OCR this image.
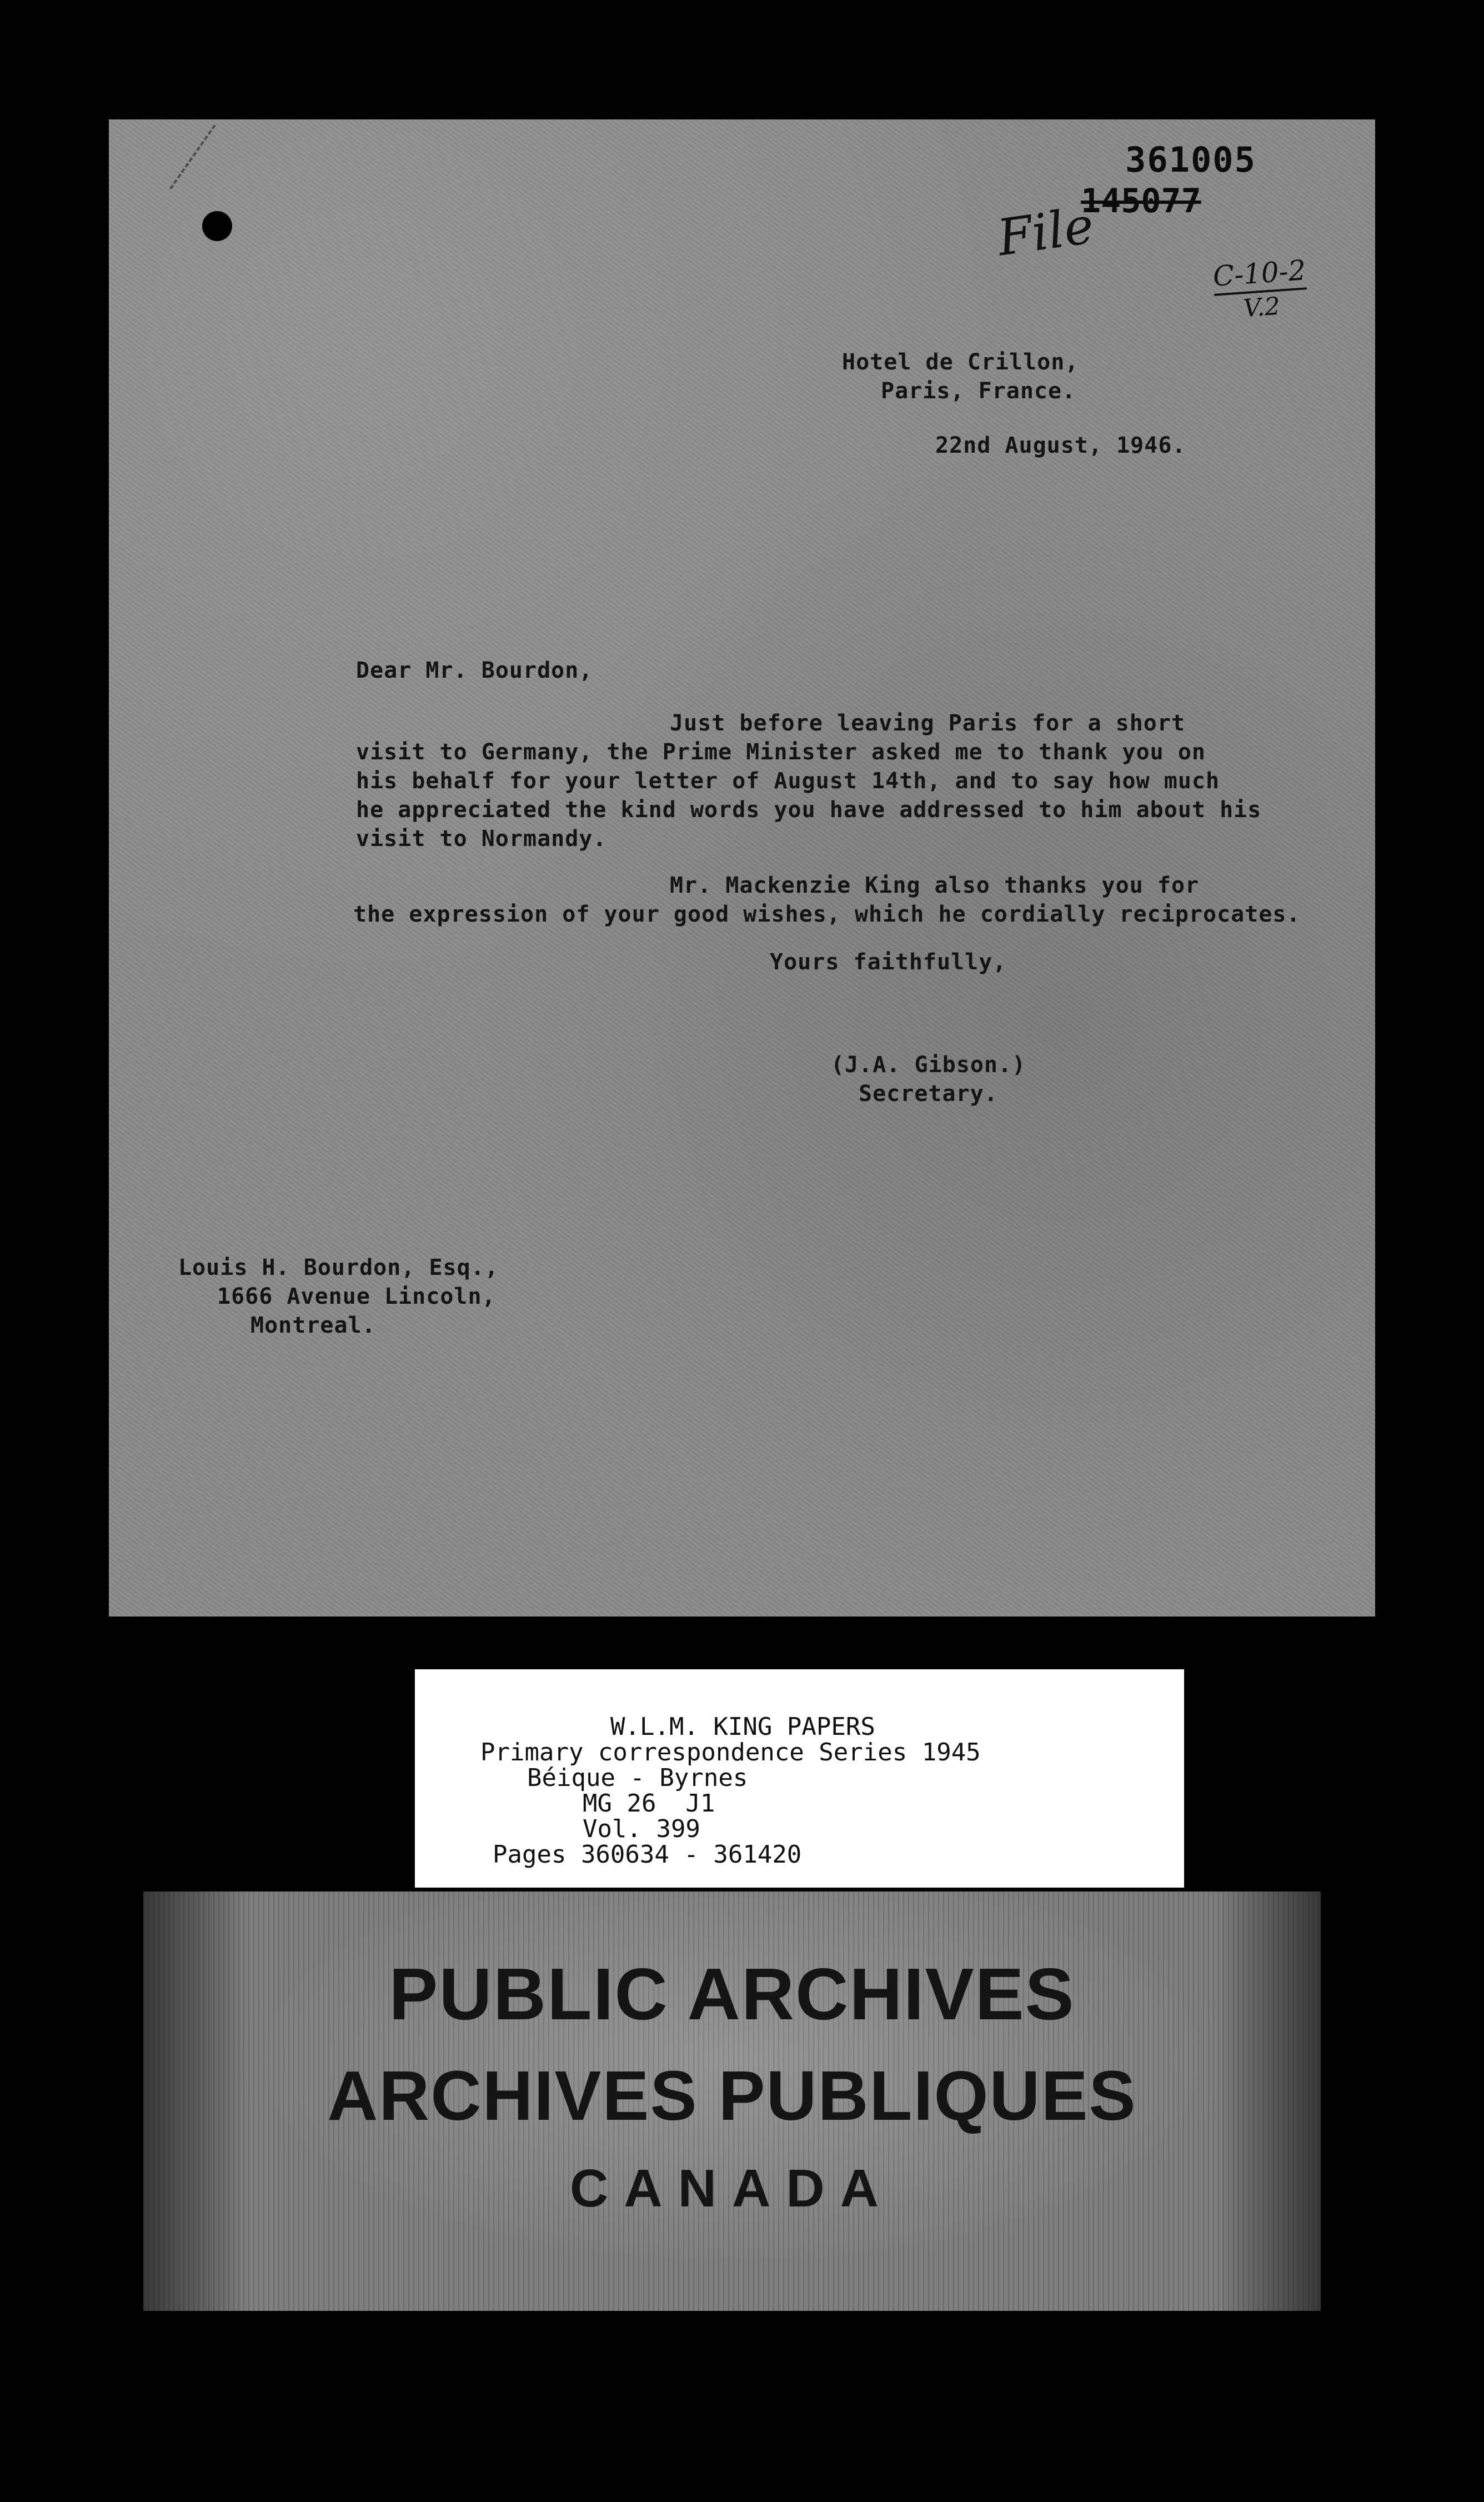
361005
145077
File
C-10-2
V.2
Hotel de Crillon,
Paris, France.
22nd August, 1946.
Dear Mr. Bourdon,
Just before leaving Paris for a short
visit to Germany, the Prime Minister asked me to thank you on
his behalf for your letter of August 14th, and to say how much
he appreciated the kind words you have addressed to him about his
visit to Normandy.
Mr. Mackenzie King also thanks you for
the expression of your good wishes, which he cordially reciprocates.
Yours faithfully,
(J.A. Gibson.)
Secretary.
Louis H. Bourdon, Esq.,
1666 Avenue Lincoln,
Montreal.
W.L.M. KING PAPERS
Primary correspondence Series 1945
Béique - Byrnes
MG 26  J1
Vol. 399
Pages 360634 - 361420
PUBLIC ARCHIVES
ARCHIVES PUBLIQUES
CANADA
